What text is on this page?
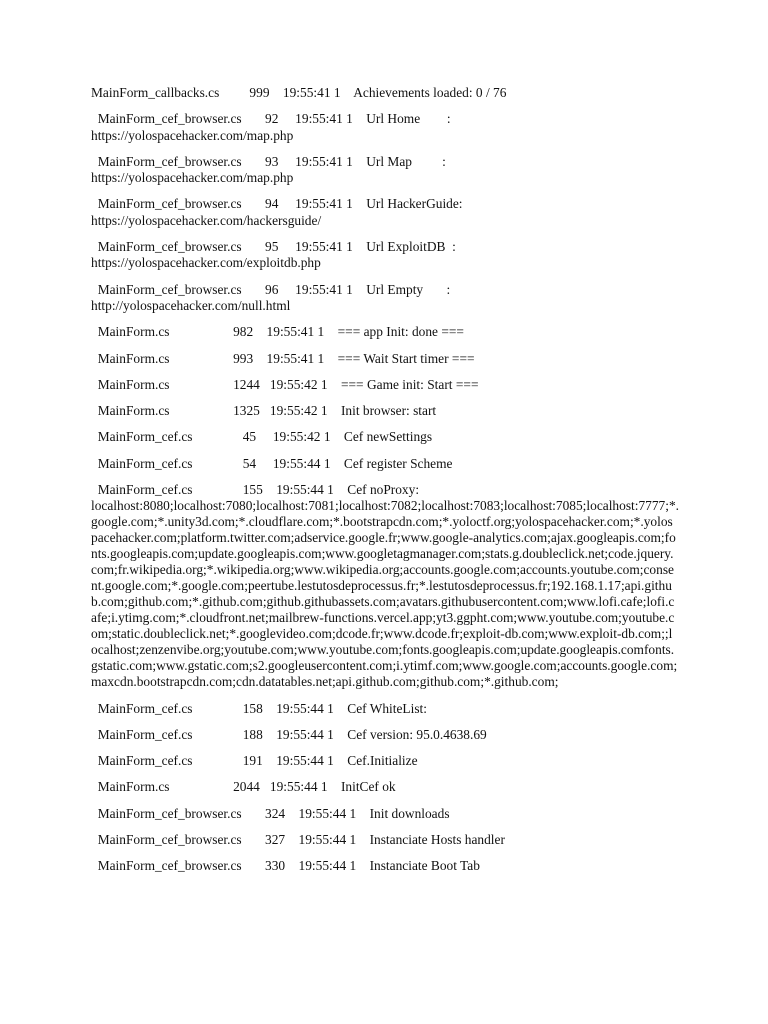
MainForm_callbacks.cs         999    19:55:41 1    Achievements loaded: 0 / 76
MainForm_cef_browser.cs       92     19:55:41 1    Url Home        :
https://yolospacehacker.com/map.php
MainForm_cef_browser.cs       93     19:55:41 1    Url Map         :
https://yolospacehacker.com/map.php
MainForm_cef_browser.cs       94     19:55:41 1    Url HackerGuide:
https://yolospacehacker.com/hackersguide/
MainForm_cef_browser.cs       95     19:55:41 1    Url ExploitDB  :
https://yolospacehacker.com/exploitdb.php
MainForm_cef_browser.cs       96     19:55:41 1    Url Empty       :
http://yolospacehacker.com/null.html
MainForm.cs                   982    19:55:41 1    === app Init: done ===
MainForm.cs                   993    19:55:41 1    === Wait Start timer ===
MainForm.cs                   1244   19:55:42 1    === Game init: Start ===
MainForm.cs                   1325   19:55:42 1    Init browser: start
MainForm_cef.cs               45     19:55:42 1    Cef newSettings
MainForm_cef.cs               54     19:55:44 1    Cef register Scheme
MainForm_cef.cs               155    19:55:44 1    Cef noProxy:
localhost:8080;localhost:7080;localhost:7081;localhost:7082;localhost:7083;localhost:7085;localhost:7777;*.google.com;*.unity3d.com;*.cloudflare.com;*.bootstrapcdn.com;*.yoloctf.org;yolospacehacker.com;*.yolospacehacker.com;platform.twitter.com;adservice.google.fr;www.google-analytics.com;ajax.googleapis.com;fonts.googleapis.com;update.googleapis.com;www.googletagmanager.com;stats.g.doubleclick.net;code.jquery.com;fr.wikipedia.org;*.wikipedia.org;www.wikipedia.org;accounts.google.com;accounts.youtube.com;consent.google.com;*.google.com;peertube.lestutosdeprocessus.fr;*.lestutosdeprocessus.fr;192.168.1.17;api.github.com;github.com;*.github.com;github.githubassets.com;avatars.githubusercontent.com;www.lofi.cafe;lofi.cafe;i.ytimg.com;*.cloudfront.net;mailbrew-functions.vercel.app;yt3.ggpht.com;www.youtube.com;youtube.com;static.doubleclick.net;*.googlevideo.com;dcode.fr;www.dcode.fr;exploit-db.com;www.exploit-db.com;;localhost;zenzenvibe.org;youtube.com;www.youtube.com;fonts.googleapis.com;update.googleapis.comfonts.gstatic.com;www.gstatic.com;s2.googleusercontent.com;i.ytimf.com;www.google.com;accounts.google.com;maxcdn.bootstrapcdn.com;cdn.datatables.net;api.github.com;github.com;*.github.com;
MainForm_cef.cs               158    19:55:44 1    Cef WhiteList:
MainForm_cef.cs               188    19:55:44 1    Cef version: 95.0.4638.69
MainForm_cef.cs               191    19:55:44 1    Cef.Initialize
MainForm.cs                   2044   19:55:44 1    InitCef ok
MainForm_cef_browser.cs       324    19:55:44 1    Init downloads
MainForm_cef_browser.cs       327    19:55:44 1    Instanciate Hosts handler
MainForm_cef_browser.cs       330    19:55:44 1    Instanciate Boot Tab
